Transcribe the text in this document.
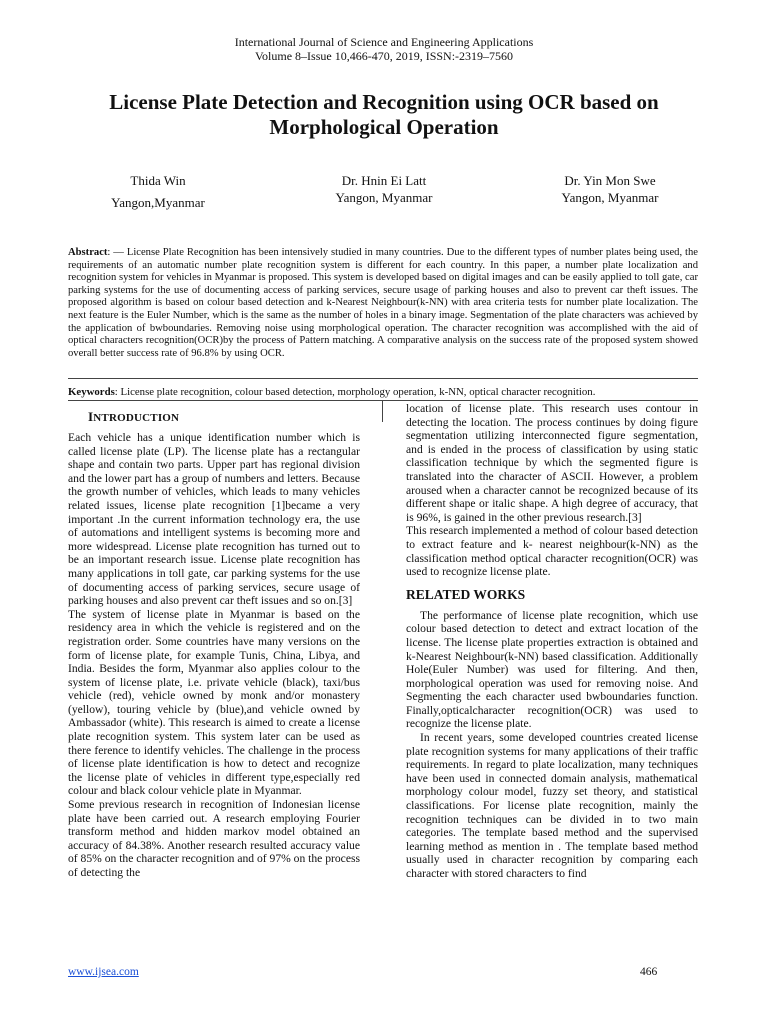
International Journal of Science and Engineering Applications
Volume 8–Issue 10,466-470, 2019, ISSN:-2319–7560
License Plate Detection and Recognition using OCR based on
Morphological Operation
Thida Win
Yangon,Myanmar
Dr. Hnin Ei Latt
Yangon, Myanmar
Dr. Yin Mon Swe
Yangon, Myanmar
Abstract: — License Plate Recognition has been intensively studied in many countries. Due to the different types of number plates being used, the requirements of an automatic number plate recognition system is different for each country. In this paper, a number plate localization and recognition system for vehicles in Myanmar is proposed. This system is developed based on digital images and can be easily applied to toll gate, car parking systems for the use of documenting access of parking services, secure usage of parking houses and also to prevent car theft issues. The proposed algorithm is based on colour based detection and k-Nearest Neighbour(k-NN) with area criteria tests for number plate localization. The next feature is the Euler Number, which is the same as the number of holes in a binary image. Segmentation of the plate characters was achieved by the application of bwboundaries. Removing noise using morphological operation. The character recognition was accomplished with the aid of optical characters recognition(OCR)by the process of Pattern matching. A comparative analysis on the success rate of the proposed system showed overall better success rate of 96.8% by using OCR.
Keywords: License plate recognition, colour based detection, morphology operation, k-NN, optical character recognition.
INTRODUCTION

Each vehicle has a unique identification number which is called license plate (LP). The license plate has a rectangular shape and contain two parts. Upper part has regional division and the lower part has a group of numbers and letters. Because the growth number of vehicles, which leads to many vehicles related issues, license plate recognition [1]became a very important .In the current information technology era, the use of automations and intelligent systems is becoming more and more widespread. License plate recognition has turned out to be an important research issue. License plate recognition has many applications in toll gate, car parking systems for the use of documenting access of parking services, secure usage of parking houses and also prevent car theft issues and so on.[3]

The system of license plate in Myanmar is based on the residency area in which the vehicle is registered and on the registration order. Some countries have many versions on the form of license plate, for example Tunis, China, Libya, and India. Besides the form, Myanmar also applies colour to the system of license plate, i.e. private vehicle (black), taxi/bus vehicle (red), vehicle owned by monk and/or monastery (yellow), touring vehicle by (blue),and vehicle owned by Ambassador (white). This research is aimed to create a license plate recognition system. This system later can be used as there ference to identify vehicles. The challenge in the process of license plate identification is how to detect and recognize the license plate of vehicles in different type,especially red colour and black colour vehicle plate in Myanmar.

Some previous research in recognition of Indonesian license plate have been carried out. A research employing Fourier transform method and hidden markov model obtained an accuracy of 84.38%. Another research resulted accuracy value of 85% on the character recognition and of 97% on the process of detecting the

location of license plate. This research uses contour in detecting the location. The process continues by doing figure segmentation utilizing interconnected figure segmentation, and is ended in the process of classification by using static classification technique by which the segmented figure is translated into the character of ASCII. However, a problem aroused when a character cannot be recognized because of its different shape or italic shape. A high degree of accuracy, that is 96%, is gained in the other previous research.[3]

This research implemented a method of colour based detection to extract feature and k- nearest neighbour(k-NN) as the classification method optical character recognition(OCR) was used to recognize license plate.

RELATED WORKS

The performance of license plate recognition, which use colour based detection to detect and extract location of the license. The license plate properties extraction is obtained and k-Nearest Neighbour(k-NN) based classification. Additionally Hole(Euler Number) was used for filtering. And then, morphological operation was used for removing noise. And Segmenting the each character used bwboundaries function. Finally,opticalcharacter recognition(OCR) was used to recognize the license plate.

In recent years, some developed countries created license plate recognition systems for many applications of their traffic requirements. In regard to plate localization, many techniques have been used in connected domain analysis, mathematical morphology colour model, fuzzy set theory, and statistical classifications. For license plate recognition, mainly the recognition techniques can be divided in to two main categories. The template based method and the supervised learning method as mention in . The template based method usually used in character recognition by comparing each character with stored characters to find

www.ijsea.com	466
